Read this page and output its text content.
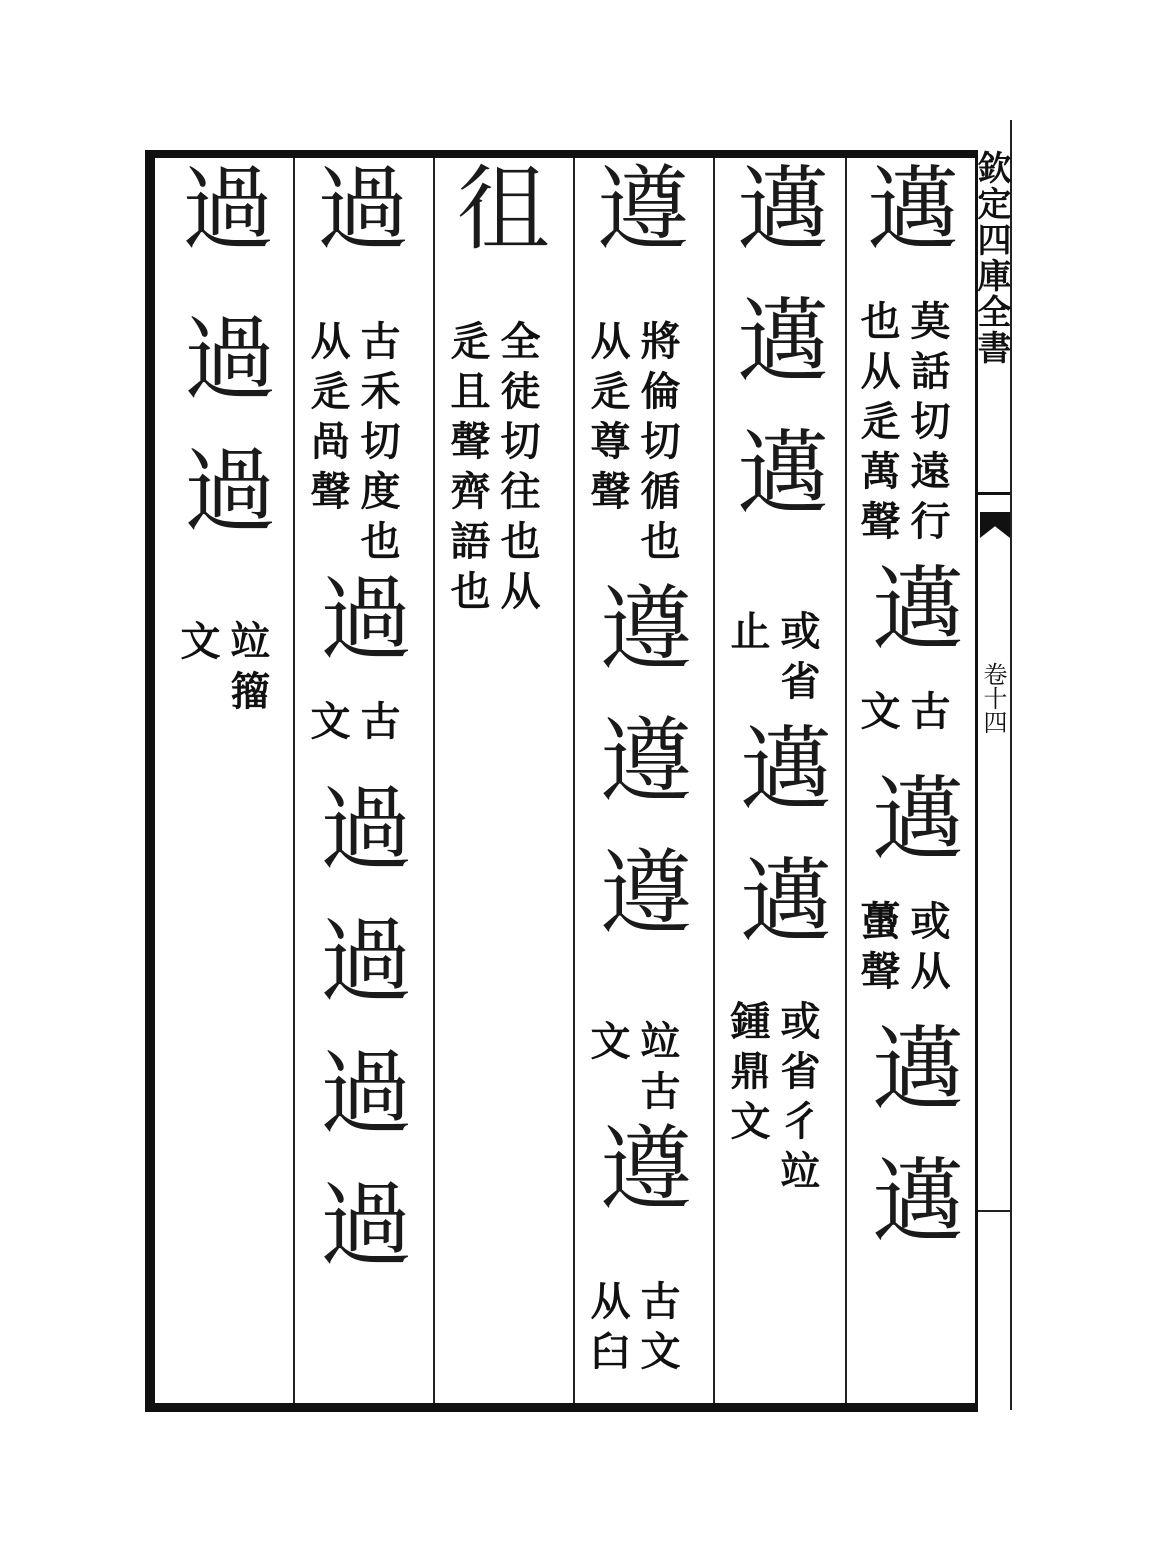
欽定四庫全書
卷十四
邁
莫話切遠行
也从辵萬聲
邁
古
文
邁
或从
蠆聲
邁邁
邁邁邁
或省
止
邁邁
或省彳竝
鍾鼎文
遵
將倫切循也
从辵尊聲
遵遵遵
竝古
文
遵
古文
从臼
徂
全徒切往也从
辵且聲齊語也
過
古禾切度也
从辵咼聲
過
古
文
過過過過
過
過過
竝籀
文
